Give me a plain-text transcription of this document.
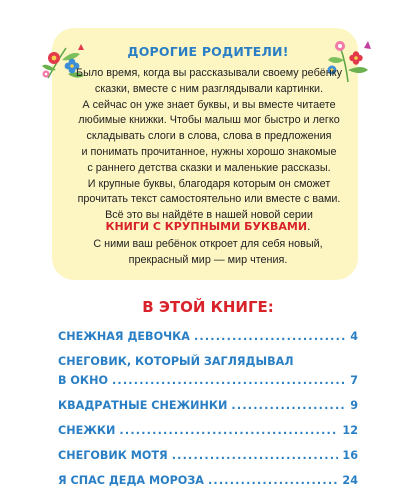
ДОРОГИЕ РОДИТЕЛИ!

Было время, когда вы рассказывали своему ребёнку

сказки, вместе с ним разглядывали картинки.

А сейчас он уже знает буквы, и вы вместе читаете

любимые книжки. Чтобы малыш мог быстро и легко

складывать слоги в слова, слова в предложения

и понимать прочитанное, нужны хорошо знакомые

с раннего детства сказки и маленькие рассказы.

И крупные буквы, благодаря которым он сможет

прочитать текст самостоятельно или вместе с вами.

Всё это вы найдёте в нашей новой серии

КНИГИ С КРУПНЫМИ БУКВАМИ.

С ними ваш ребёнок откроет для себя новый,

прекрасный мир — мир чтения.

В ЭТОЙ КНИГЕ:
СНЕЖНАЯ ДЕВОЧКА .....	4
СНЕГОВИК, КОТОРЫЙ ЗАГЛЯДЫВАЛ
В ОКНО .....	7
КВАДРАТНЫЕ СНЕЖИНКИ .....	9
СНЕЖКИ .....	12
СНЕГОВИК МОТЯ .....	16
Я СПАС ДЕДА МОРОЗА .....	24
